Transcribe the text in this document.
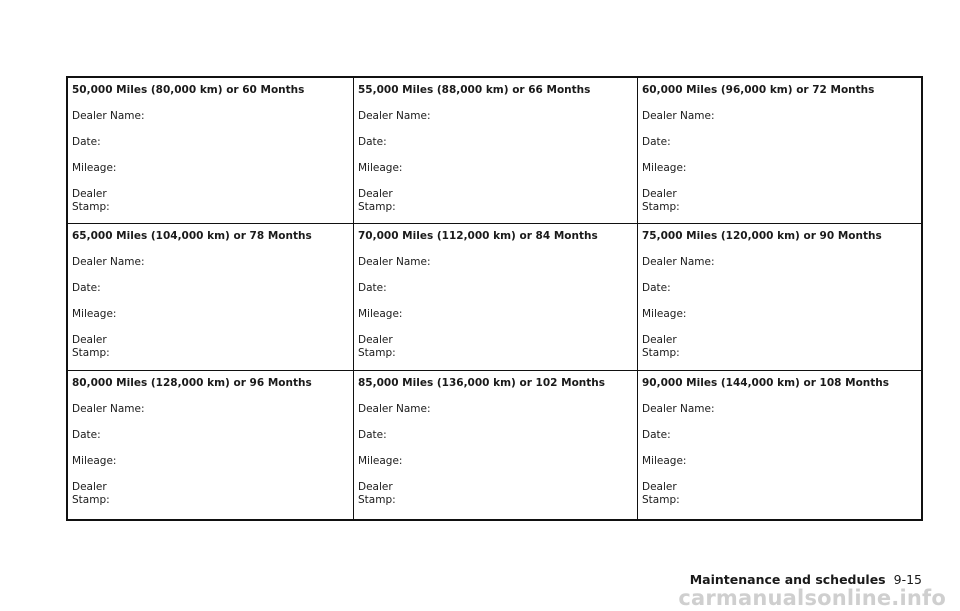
50,000 Miles (80,000 km) or 60 Months
Dealer Name:
Date:
Mileage:
Dealer
Stamp:
55,000 Miles (88,000 km) or 66 Months
Dealer Name:
Date:
Mileage:
Dealer
Stamp:
60,000 Miles (96,000 km) or 72 Months
Dealer Name:
Date:
Mileage:
Dealer
Stamp:
65,000 Miles (104,000 km) or 78 Months
Dealer Name:
Date:
Mileage:
Dealer
Stamp:
70,000 Miles (112,000 km) or 84 Months
Dealer Name:
Date:
Mileage:
Dealer
Stamp:
75,000 Miles (120,000 km) or 90 Months
Dealer Name:
Date:
Mileage:
Dealer
Stamp:
80,000 Miles (128,000 km) or 96 Months
Dealer Name:
Date:
Mileage:
Dealer
Stamp:
85,000 Miles (136,000 km) or 102 Months
Dealer Name:
Date:
Mileage:
Dealer
Stamp:
90,000 Miles (144,000 km) or 108 Months
Dealer Name:
Date:
Mileage:
Dealer
Stamp:
Maintenance and schedules 9-15
carmanualsonline.info
